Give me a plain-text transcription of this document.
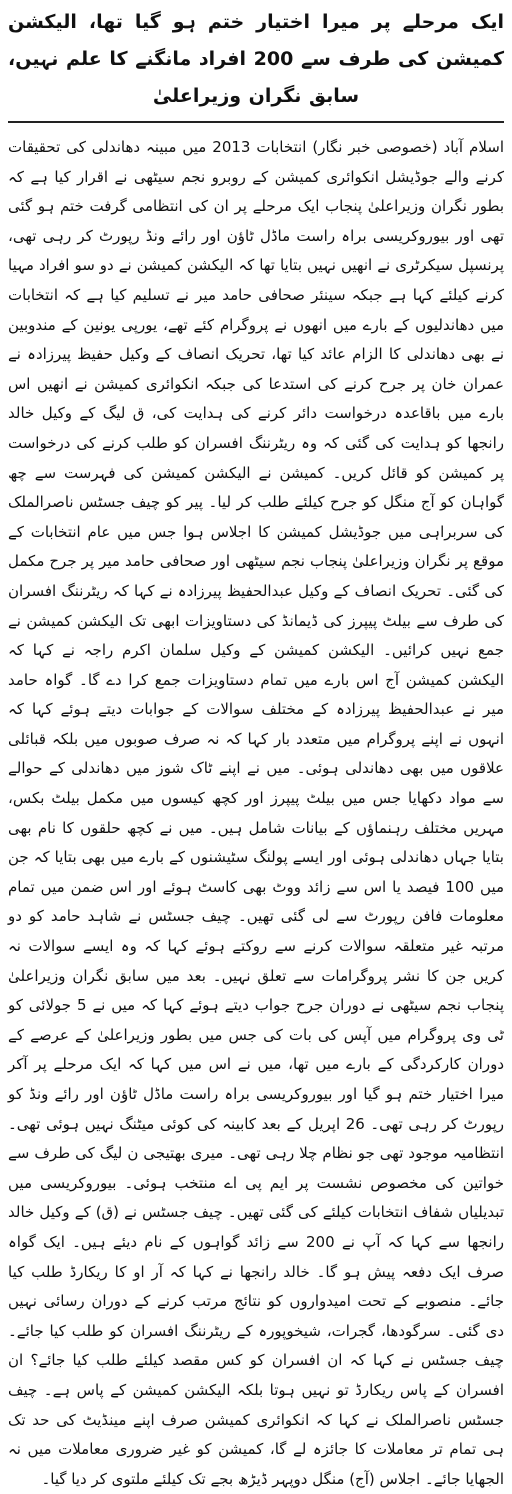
ایک مرحلے پر میرا اختیار ختم ہو گیا تھا، الیکشن کمیشن کی طرف سے 200 افراد مانگنے کا علم نہیں، سابق نگران وزیراعلیٰ

اسلام آباد (خصوصی خبر نگار) انتخابات 2013 میں مبینہ دھاندلی کی تحقیقات کرنے والے جوڈیشل انکوائری کمیشن کے روبرو نجم سیٹھی نے اقرار کیا ہے کہ بطور نگران وزیراعلیٰ پنجاب ایک مرحلے پر ان کی انتظامی گرفت ختم ہو گئی تھی اور بیوروکریسی براہ راست ماڈل ٹاؤن اور رائے ونڈ رپورٹ کر رہی تھی، پرنسپل سیکرٹری نے انھیں نہیں بتایا تھا کہ الیکشن کمیشن نے دو سو افراد مہیا کرنے کیلئے کہا ہے جبکہ سینئر صحافی حامد میر نے تسلیم کیا ہے کہ انتخابات میں دھاندلیوں کے بارے میں انھوں نے پروگرام کئے تھے، یورپی یونین کے مندوبین نے بھی دھاندلی کا الزام عائد کیا تھا، تحریک انصاف کے وکیل حفیظ پیرزادہ نے عمران خان پر جرح کرنے کی استدعا کی جبکہ انکوائری کمیشن نے انھیں اس بارے میں باقاعدہ درخواست دائر کرنے کی ہدایت کی، ق لیگ کے وکیل خالد رانجھا کو ہدایت کی گئی کہ وہ ریٹرننگ افسران کو طلب کرنے کی درخواست پر کمیشن کو قائل کریں۔ کمیشن نے الیکشن کمیشن کی فہرست سے چھ گواہان کو آج منگل کو جرح کیلئے طلب کر لیا۔ پیر کو چیف جسٹس ناصرالملک کی سربراہی میں جوڈیشل کمیشن کا اجلاس ہوا جس میں عام انتخابات کے موقع پر نگران وزیراعلیٰ پنجاب نجم سیٹھی اور صحافی حامد میر پر جرح مکمل کی گئی۔ تحریک انصاف کے وکیل عبدالحفیظ پیرزادہ نے کہا کہ ریٹرننگ افسران کی طرف سے بیلٹ پیپرز کی ڈیمانڈ کی دستاویزات ابھی تک الیکشن کمیشن نے جمع نہیں کرائیں۔ الیکشن کمیشن کے وکیل سلمان اکرم راجہ نے کہا کہ الیکشن کمیشن آج اس بارے میں تمام دستاویزات جمع کرا دے گا۔ گواہ حامد میر نے عبدالحفیظ پیرزادہ کے مختلف سوالات کے جوابات دیتے ہوئے کہا کہ انہوں نے اپنے پروگرام میں متعدد بار کہا کہ نہ صرف صوبوں میں بلکہ قبائلی علاقوں میں بھی دھاندلی ہوئی۔ میں نے اپنے ٹاک شوز میں دھاندلی کے حوالے سے مواد دکھایا جس میں بیلٹ پیپرز اور کچھ کیسوں میں مکمل بیلٹ بکس، مہریں مختلف رہنماؤں کے بیانات شامل ہیں۔ میں نے کچھ حلقوں کا نام بھی بتایا جہاں دھاندلی ہوئی اور ایسے پولنگ سٹیشنوں کے بارے میں بھی بتایا کہ جن میں 100 فیصد یا اس سے زائد ووٹ بھی کاسٹ ہوئے اور اس ضمن میں تمام معلومات فافن رپورٹ سے لی گئی تھیں۔ چیف جسٹس نے شاہد حامد کو دو مرتبہ غیر متعلقہ سوالات کرنے سے روکتے ہوئے کہا کہ وہ ایسے سوالات نہ کریں جن کا نشر پروگرامات سے تعلق نہیں۔ بعد میں سابق نگران وزیراعلیٰ پنجاب نجم سیٹھی نے دوران جرح جواب دیتے ہوئے کہا کہ میں نے 5 جولائی کو ٹی وی پروگرام میں آپس کی بات کی جس میں بطور وزیراعلیٰ کے عرصے کے دوران کارکردگی کے بارے میں تھا، میں نے اس میں کہا کہ ایک مرحلے پر آکر میرا اختیار ختم ہو گیا اور بیوروکریسی براہ راست ماڈل ٹاؤن اور رائے ونڈ کو رپورٹ کر رہی تھی۔ 26 اپریل کے بعد کابینہ کی کوئی میٹنگ نہیں ہوئی تھی۔ انتظامیہ موجود تھی جو نظام چلا رہی تھی۔ میری بھتیجی ن لیگ کی طرف سے خواتین کی مخصوص نشست پر ایم پی اے منتخب ہوئی۔ بیوروکریسی میں تبدیلیاں شفاف انتخابات کیلئے کی گئی تھیں۔ چیف جسٹس نے (ق) کے وکیل خالد رانجھا سے کہا کہ آپ نے 200 سے زائد گواہوں کے نام دیئے ہیں۔ ایک گواہ صرف ایک دفعہ پیش ہو گا۔ خالد رانجھا نے کہا کہ آر او کا ریکارڈ طلب کیا جائے۔ منصوبے کے تحت امیدواروں کو نتائج مرتب کرنے کے دوران رسائی نہیں دی گئی۔ سرگودھا، گجرات، شیخوپورہ کے ریٹرننگ افسران کو طلب کیا جائے۔ چیف جسٹس نے کہا کہ ان افسران کو کس مقصد کیلئے طلب کیا جائے؟ ان افسران کے پاس ریکارڈ تو نہیں ہوتا بلکہ الیکشن کمیشن کے پاس ہے۔ چیف جسٹس ناصرالملک نے کہا کہ انکوائری کمیشن صرف اپنے مینڈیٹ کی حد تک ہی تمام تر معاملات کا جائزہ لے گا، کمیشن کو غیر ضروری معاملات میں نہ الجھایا جائے۔ اجلاس (آج) منگل دوپہر ڈیڑھ بجے تک کیلئے ملتوی کر دیا گیا۔
